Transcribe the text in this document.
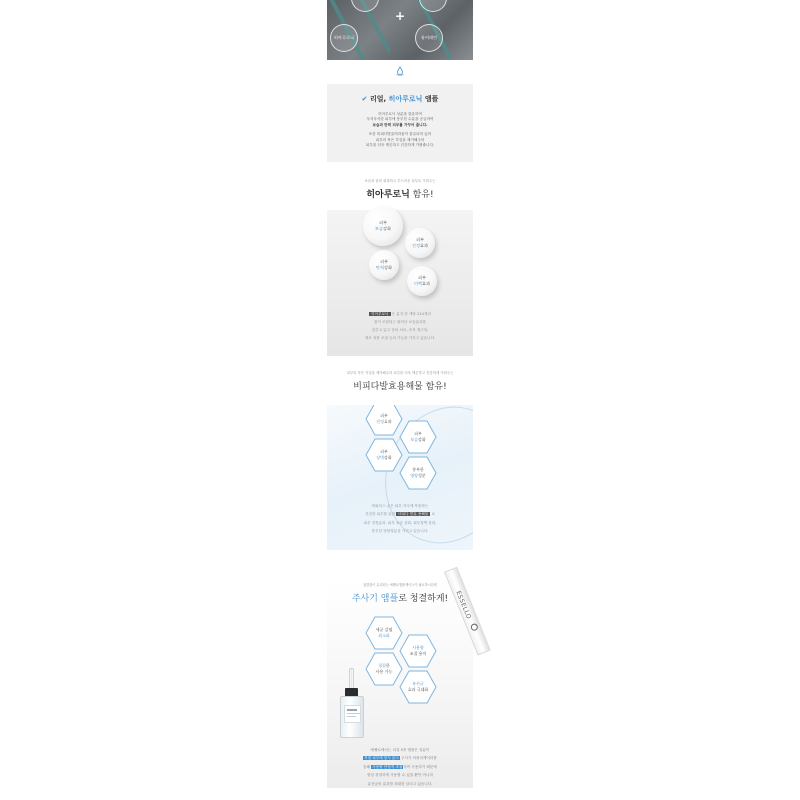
+
히아루로닉	뮤어테린
✔ 리얼, 히아루로닉 앰플
히아루로닉 성분을 함유하여
푸석푸석한 피부에 풍부한 수분을 공급하여
보습과 탄력 피부를 가꾸어 줍니다.
또한 비피다발효여과물이 함유되어 있어
피부의 묵은 각질을 제거해주어
피부를 더욱 깨끗하고 건강하게 가꿔줍니다.
보습과 탄력 회복하고 부드러운 피부로 가꿔주는
히아루로닉 함유!
피부
보습강화
피부
진정효과
피부
탄력강화
피부
미백효과
히아루로닉 은 분자 한 개당 214개의
물이 포함되는 뛰어난 보습효과를
갖추고 있고 상처 치료, 조직 재구성,
세포 성장 조절 등의 기능을 가지고 있습니다.
피부의 묵은 각질을 제거해주어 피부를 더욱 깨끗하고 건강하게 가꿔주는
비피다발효용해물 함유!
피부
진정효과
피부
보습강화
피부
장벽강화
풍부한
영양성분
비피더스 균은 피부 자극에 작용하는
건강한 피부를 위한 비피다 발효 용해물 로
피부 진정효과, 피부 보습 강화, 피부장벽 강화,
풍부한 영양성분을 가지고 있습니다.
청결함이 유지되는 에쎌로앰플케이스가 필요하시다면
주사기 앰플로 청결하게!	ESSELLO
세균 감염
최소화
사용량
조절 용이
청결한
사용 가능
유산균
효과 극대화
에쎌로에서는 리얼 5종 앰플은 성분이
직접 피부에 닿지 않고 주사기 어플리케이터를
통해 사용량 안정적 조절하여 사용하기 때문에
항상 청결하게 사용할 수 있을 뿐만 아니라
유산균의 효과를 최대한 살리고 있습니다.
